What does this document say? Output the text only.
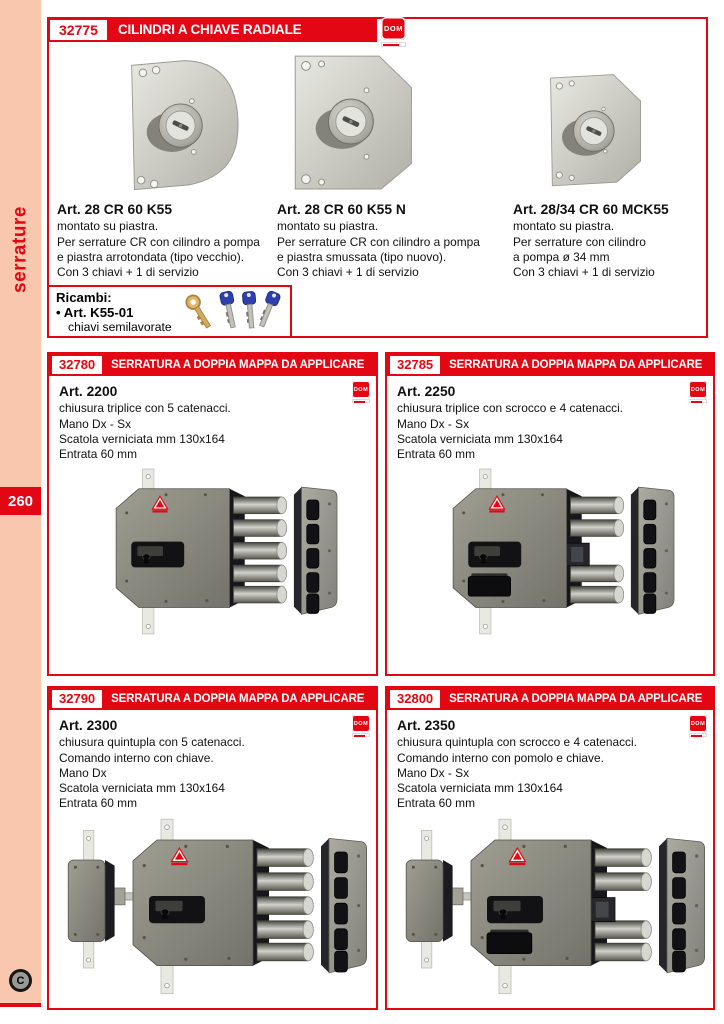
serrature
260
C
32775	CILINDRI A CHIAVE RADIALE	DOM
Art. 28 CR 60 K55
montato su piastra.
Per serrature CR con cilindro a pompa
e piastra arrotondata (tipo vecchio).
Con 3 chiavi + 1 di servizio
Art. 28 CR 60 K55 N
montato su piastra.
Per serrature CR con cilindro a pompa
e piastra smussata (tipo nuovo).
Con 3 chiavi + 1 di servizio
Art. 28/34 CR 60 MCK55
montato su piastra.
Per serrature con cilindro
a pompa ø 34 mm
Con 3 chiavi + 1 di servizio
Ricambi:
• Art. K55-01
chiavi semilavorate
32780	SERRATURA A DOPPIA MAPPA DA APPLICARE
Art. 2200
chiusura triplice con 5 catenacci.
Mano Dx - Sx
Scatola verniciata mm 130x164
Entrata 60 mm
DOM
32785	SERRATURA A DOPPIA MAPPA DA APPLICARE
Art. 2250
chiusura triplice con scrocco e 4 catenacci.
Mano Dx - Sx
Scatola verniciata mm 130x164
Entrata 60 mm
DOM
32790	SERRATURA A DOPPIA MAPPA DA APPLICARE
Art. 2300
chiusura quintupla con 5 catenacci.
Comando interno con chiave.
Mano Dx
Scatola verniciata mm 130x164
Entrata 60 mm
DOM
32800	SERRATURA A DOPPIA MAPPA DA APPLICARE
Art. 2350
chiusura quintupla con scrocco e 4 catenacci.
Comando interno con pomolo e chiave.
Mano Dx - Sx
Scatola verniciata mm 130x164
Entrata 60 mm
DOM
